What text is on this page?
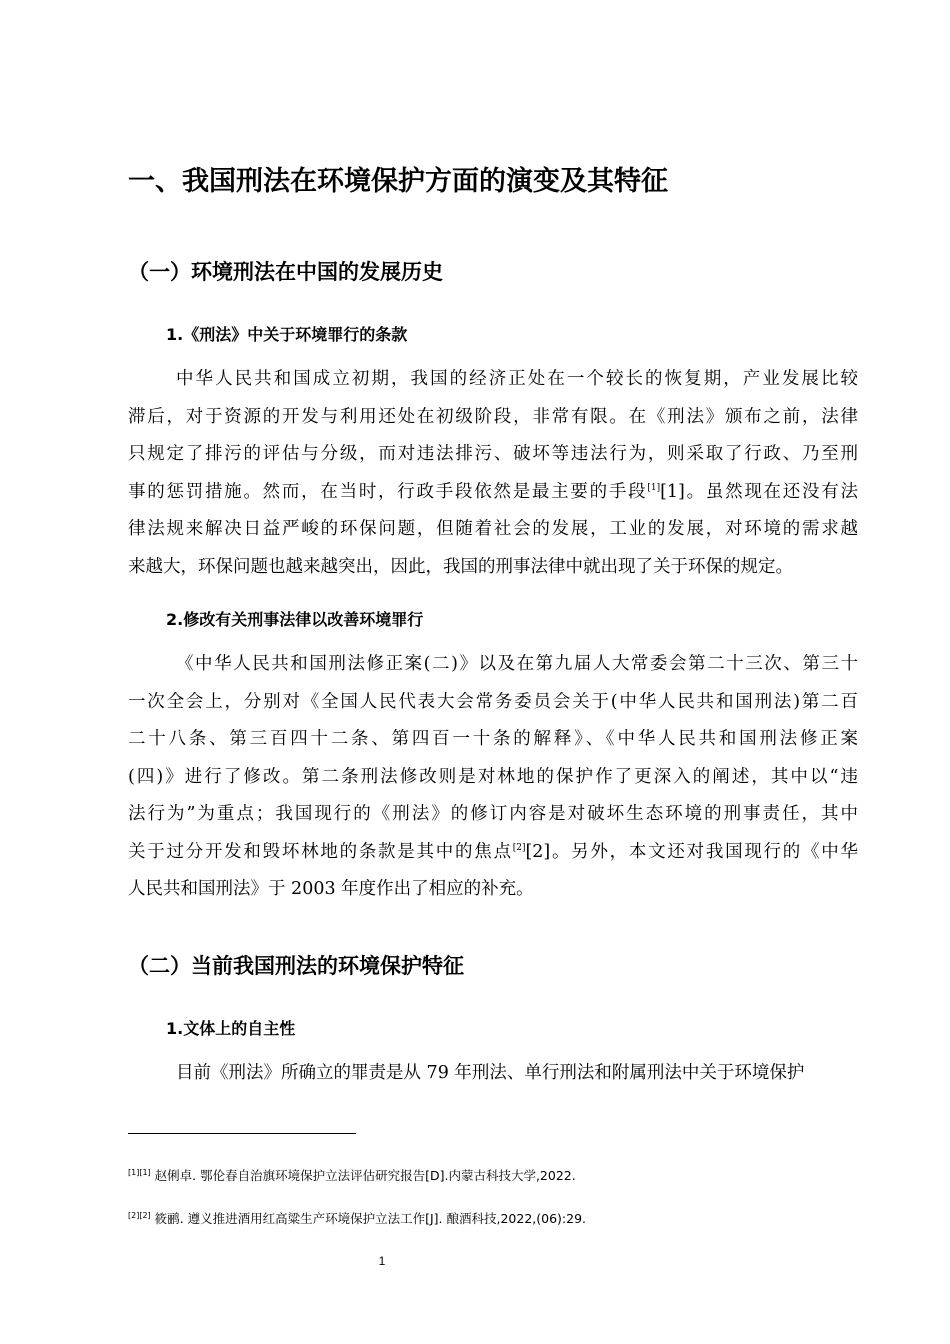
一、我国刑法在环境保护方面的演变及其特征
（一）环境刑法在中国的发展历史
1.《刑法》中关于环境罪行的条款
中华人民共和国成立初期，我国的经济正处在一个较长的恢复期，产业发展比较
滞后，对于资源的开发与利用还处在初级阶段，非常有限。在《刑法》颁布之前，法律
只规定了排污的评估与分级，而对违法排污、破坏等违法行为，则采取了行政、乃至刑
事的惩罚措施。然而，在当时，行政手段依然是最主要的手段[1][1]。虽然现在还没有法
律法规来解决日益严峻的环保问题，但随着社会的发展，工业的发展，对环境的需求越
来越大，环保问题也越来越突出，因此，我国的刑事法律中就出现了关于环保的规定。
2.修改有关刑事法律以改善环境罪行
《中华人民共和国刑法修正案(二)》以及在第九届人大常委会第二十三次、第三十
一次全会上，分别对《全国人民代表大会常务委员会关于(中华人民共和国刑法)第二百
二十八条、第三百四十二条、第四百一十条的解释》、《中华人民共和国刑法修正案
(四)》进行了修改。第二条刑法修改则是对林地的保护作了更深入的阐述，其中以“违
法行为”为重点；我国现行的《刑法》的修订内容是对破坏生态环境的刑事责任，其中
关于过分开发和毁坏林地的条款是其中的焦点[2][2]。另外，本文还对我国现行的《中华
人民共和国刑法》于 2003 年度作出了相应的补充。
（二）当前我国刑法的环境保护特征
1.文体上的自主性
目前《刑法》所确立的罪责是从 79 年刑法、单行刑法和附属刑法中关于环境保护
[1][1] 赵俐卓. 鄂伦春自治旗环境保护立法评估研究报告[D].内蒙古科技大学,2022.
[2][2] 筱鹂. 遵义推进酒用红高粱生产环境保护立法工作[J]. 酿酒科技,2022,(06):29.
1
